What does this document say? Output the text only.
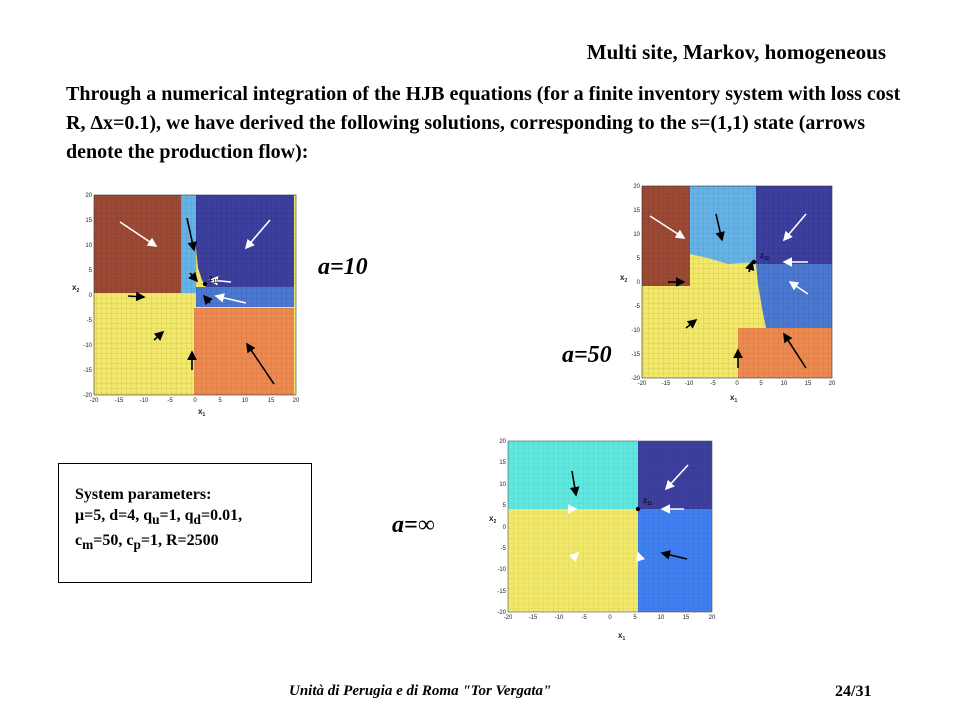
Multi site, Markov, homogeneous
Through a numerical integration of the HJB equations (for a finite inventory system with loss cost R, Δx=0.1), we have derived the following solutions, corresponding to the s=(1,1) state (arrows denote the production flow):
$z_{11}$
-20	-15	-10	-5	0	5	10	15	20
-20
-15
-10
-5
0
5
10
15
20
$x_1$
$x_2$
a=10	$z_{11}$
-20	-15 -10	-5	0	5	10	15	20
-20
-15
-10
-5
0
5
10
15
20
$x_1$
$x_2$
a=50
$z_{11}$
-20	-15	-10	-5	0	5	10	15	20
-20
-15
-10
-5
0
5
10
15
20
$x_1$
$x_2$
a=∞
System parameters:
μ=5, d=4, $q_u=1$, $q_d=0.01$,
$c_m=50$, $c_p=1$, R=2500
Unità di Perugia e di Roma "Tor Vergata"	24/31
